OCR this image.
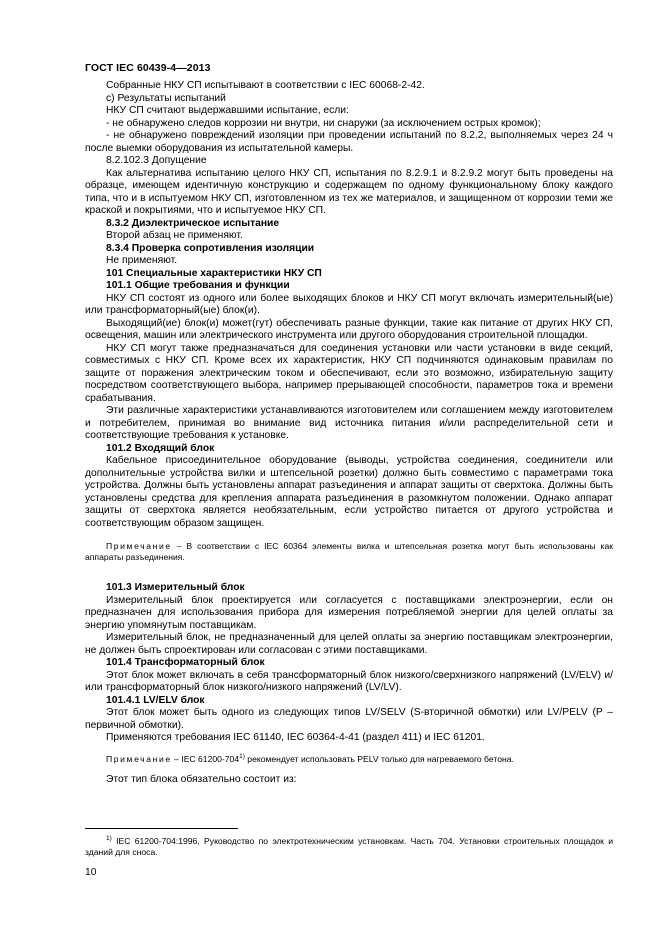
ГОСТ IEC 60439-4—2013

Собранные НКУ СП испытывают в соответствии с IEC 60068-2-42.

c) Результаты испытаний

НКУ СП считают выдержавшими испытание, если:

- не обнаружено следов коррозии ни внутри, ни снаружи (за исключением острых кромок);

- не обнаружено повреждений изоляции при проведении испытаний по 8.2.2, выполняемых через 24 ч после выемки оборудования из испытательной камеры.

8.2.102.3 Допущение

Как альтернатива испытанию целого НКУ СП, испытания по 8.2.9.1 и 8.2.9.2 могут быть проведены на образце, имеющем идентичную конструкцию и содержащем по одному функциональному блоку каждого типа, что и в испытуемом НКУ СП, изготовленном из тех же материалов, и защищенном от коррозии теми же краской и покрытиями, что и испытуемое НКУ СП.

8.3.2 Диэлектрическое испытание

Второй абзац не применяют.

8.3.4 Проверка сопротивления изоляции

Не применяют.

101 Специальные характеристики НКУ СП

101.1 Общие требования и функции

НКУ СП состоят из одного или более выходящих блоков и НКУ СП могут включать измерительный(ые) или трансформаторный(ые) блок(и).

Выходящий(ие) блок(и) может(гут) обеспечивать разные функции, такие как питание от других НКУ СП, освещения, машин или электрического инструмента или другого оборудования строительной площадки.

НКУ СП могут также предназначаться для соединения установки или части установки в виде секций, совместимых с НКУ СП. Кроме всех их характеристик, НКУ СП подчиняются одинаковым правилам по защите от поражения электрическим током и обеспечивают, если это возможно, избирательную защиту посредством соответствующего выбора, например прерывающей способности, параметров тока и времени срабатывания.

Эти различные характеристики устанавливаются изготовителем или соглашением между изготовителем и потребителем, принимая во внимание вид источника питания и/или распределительной сети и соответствующие требования к установке.

101.2 Входящий блок

Кабельное присоединительное оборудование (выводы, устройства соединения, соединители или дополнительные устройства вилки и штепсельной розетки) должно быть совместимо с параметрами тока устройства. Должны быть установлены аппарат разъединения и аппарат защиты от сверхтока. Должны быть установлены средства для крепления аппарата разъединения в разомкнутом положении. Однако аппарат защиты от сверхтока является необязательным, если устройство питается от другого устройства и соответствующим образом защищен.

Примечание – В соответствии с IEC 60364 элементы вилка и штепсельная розетка могут быть использованы как аппараты разъединения.

101.3 Измерительный блок

Измерительный блок проектируется или согласуется с поставщиками электроэнергии, если он предназначен для использования прибора для измерения потребляемой энергии для целей оплаты за энергию упомянутым поставщикам.

Измерительный блок, не предназначенный для целей оплаты за энергию поставщикам электроэнергии, не должен быть спроектирован или согласован с этими поставщиками.

101.4 Трансформаторный блок

Этот блок может включать в себя трансформаторный блок низкого/сверхнизкого напряжений (LV/ELV) и/или трансформаторный блок низкого/низкого напряжений (LV/LV).

101.4.1 LV/ELV блок

Этот блок может быть одного из следующих типов LV/SELV (S-вторичной обмотки) или LV/PELV (P – первичной обмотки).

Применяются требования IEC 61140, IEC 60364-4-41 (раздел 411) и IEC 61201.

Примечание – IEC 61200-704$^{1)}$ рекомендует использовать PELV только для нагреваемого бетона.

Этот тип блока обязательно состоит из:

$^{1)}$ IEC 61200-704:1996, Руководство по электротехническим установкам. Часть 704. Установки строительных площадок и зданий для сноса.
10
